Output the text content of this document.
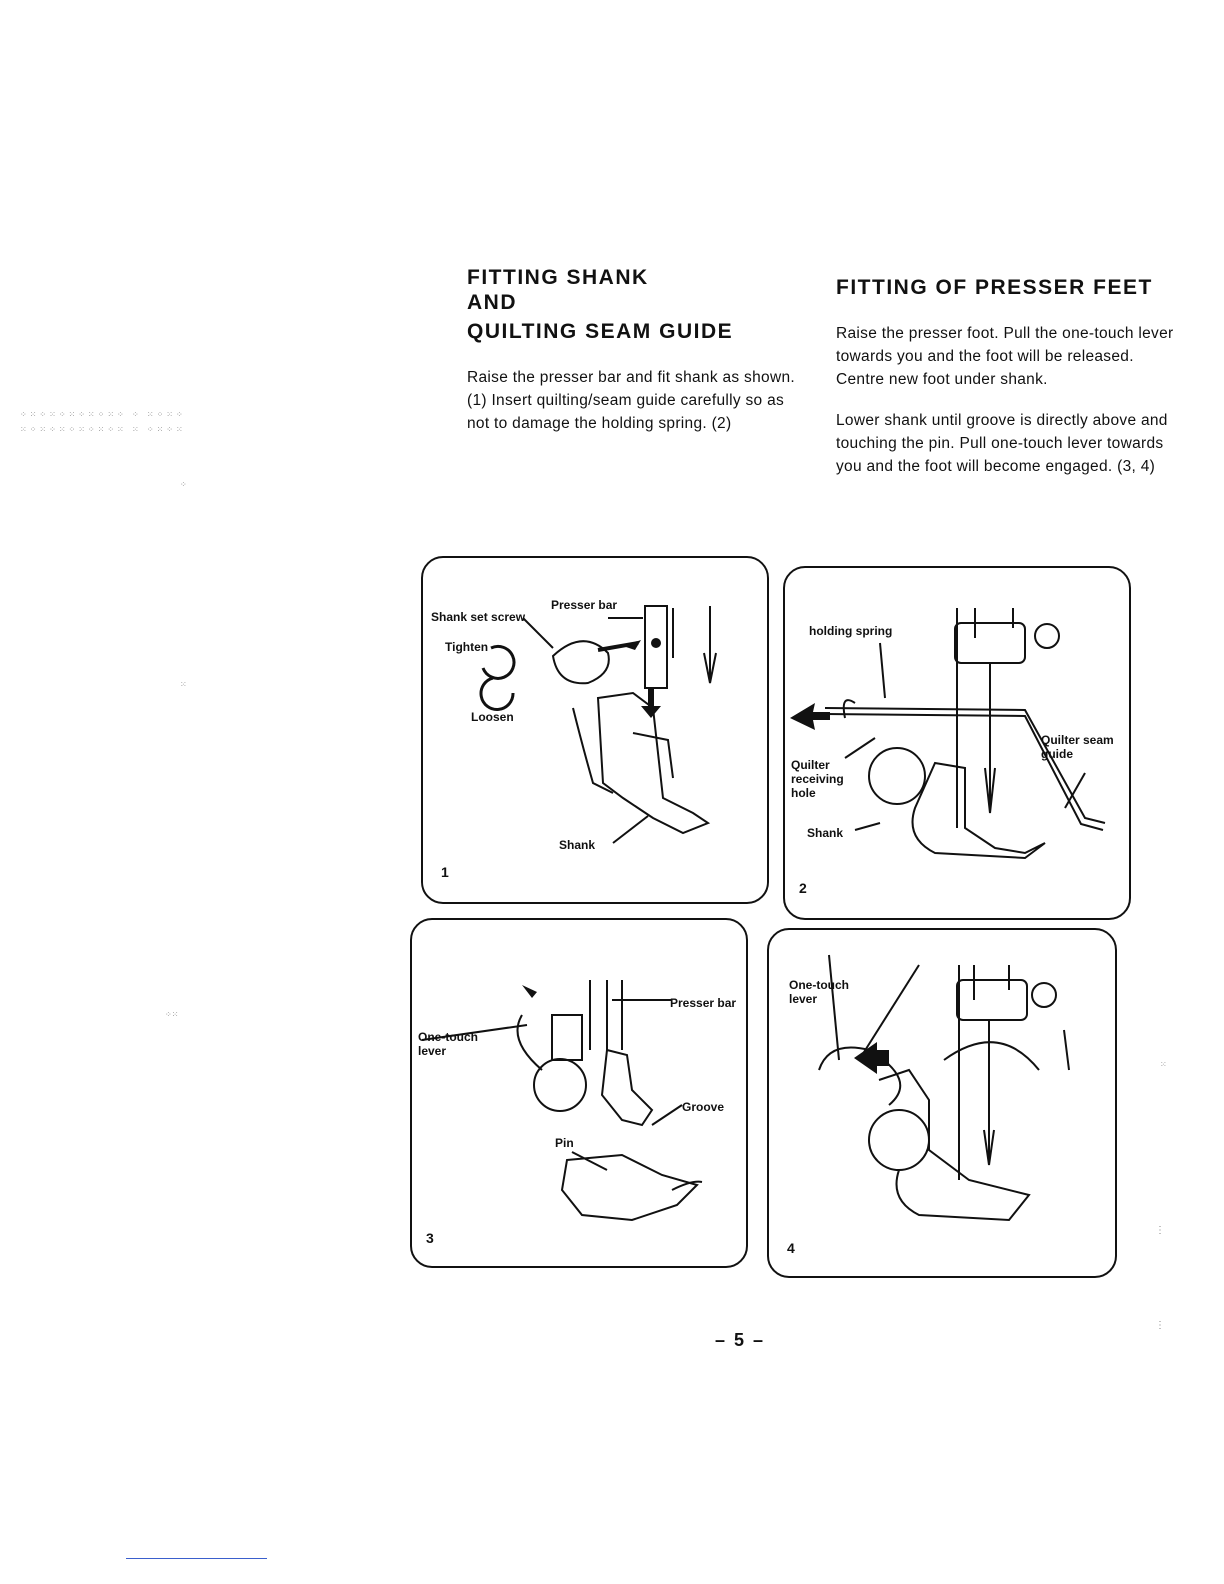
FITTING SHANK

AND

QUILTING SEAM GUIDE

Raise the presser bar and fit shank as shown. (1) Insert quilting/seam guide carefully so as not to damage the holding spring. (2)

FITTING OF PRESSER FEET

Raise the presser foot. Pull the one-touch lever towards you and the foot will be released. Centre new foot under shank.

Lower shank until groove is directly above and touching the pin. Pull one-touch lever towards you and the foot will become engaged. (3, 4)

Presser bar
Shank set screw
Tighten
Loosen
Shank
1
holding spring
Quilter receiving hole
Quilter seam guide
Shank
2
Presser bar
One-touch lever
Groove
Pin
3
One-touch lever
4
– 5 –
⁘⁙⁘⁙⁘⁙⁘⁙⁘⁙⁘ ⁘ ⁙⁘⁙⁘
⁙⁘⁙⁘⁙⁘⁙⁘⁙⁘⁙ ⁙ ⁘⁙⁘⁙
⁘
⁙
⁘⁙
⁙
⋮
⋮
